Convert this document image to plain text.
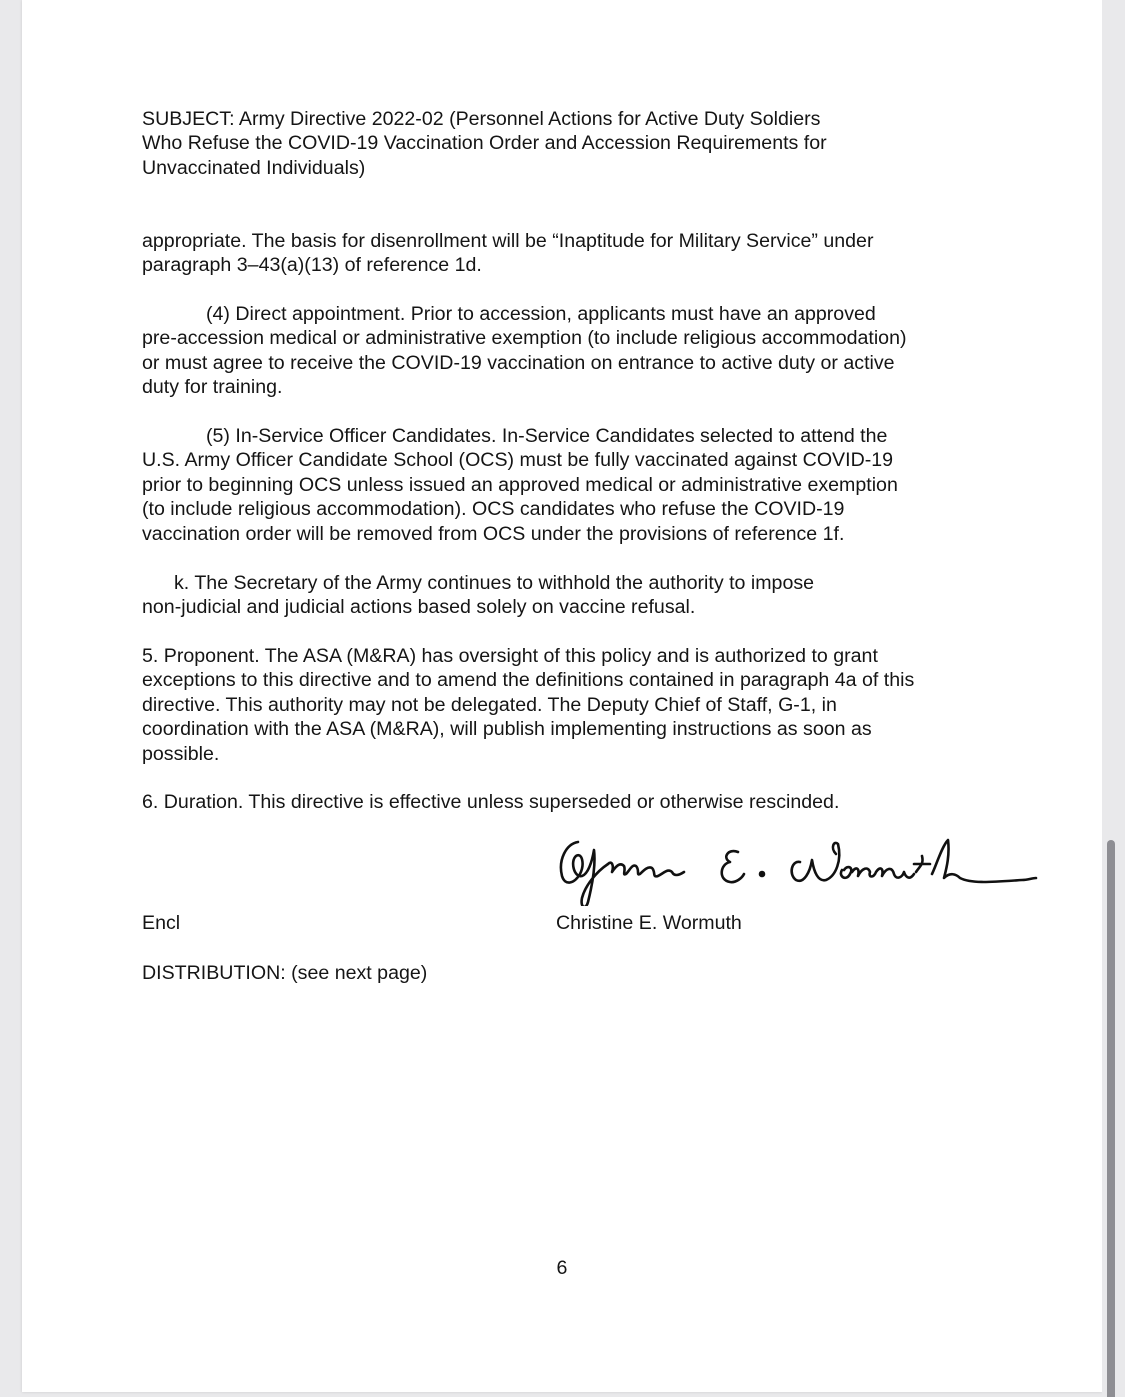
SUBJECT: Army Directive 2022-02 (Personnel Actions for Active Duty Soldiers
Who Refuse the COVID-19 Vaccination Order and Accession Requirements for
Unvaccinated Individuals)
appropriate. The basis for disenrollment will be “Inaptitude for Military Service” under
paragraph 3–43(a)(13) of reference 1d.
(4) Direct appointment. Prior to accession, applicants must have an approved
pre-accession medical or administrative exemption (to include religious accommodation)
or must agree to receive the COVID-19 vaccination on entrance to active duty or active
duty for training.
(5) In-Service Officer Candidates. In-Service Candidates selected to attend the
U.S. Army Officer Candidate School (OCS) must be fully vaccinated against COVID-19
prior to beginning OCS unless issued an approved medical or administrative exemption
(to include religious accommodation). OCS candidates who refuse the COVID-19
vaccination order will be removed from OCS under the provisions of reference 1f.
k. The Secretary of the Army continues to withhold the authority to impose
non-judicial and judicial actions based solely on vaccine refusal.
5. Proponent. The ASA (M&RA) has oversight of this policy and is authorized to grant
exceptions to this directive and to amend the definitions contained in paragraph 4a of this
directive. This authority may not be delegated. The Deputy Chief of Staff, G-1, in
coordination with the ASA (M&RA), will publish implementing instructions as soon as
possible.
6. Duration. This directive is effective unless superseded or otherwise rescinded.
Encl	Christine E. Wormuth
DISTRIBUTION: (see next page)
6
